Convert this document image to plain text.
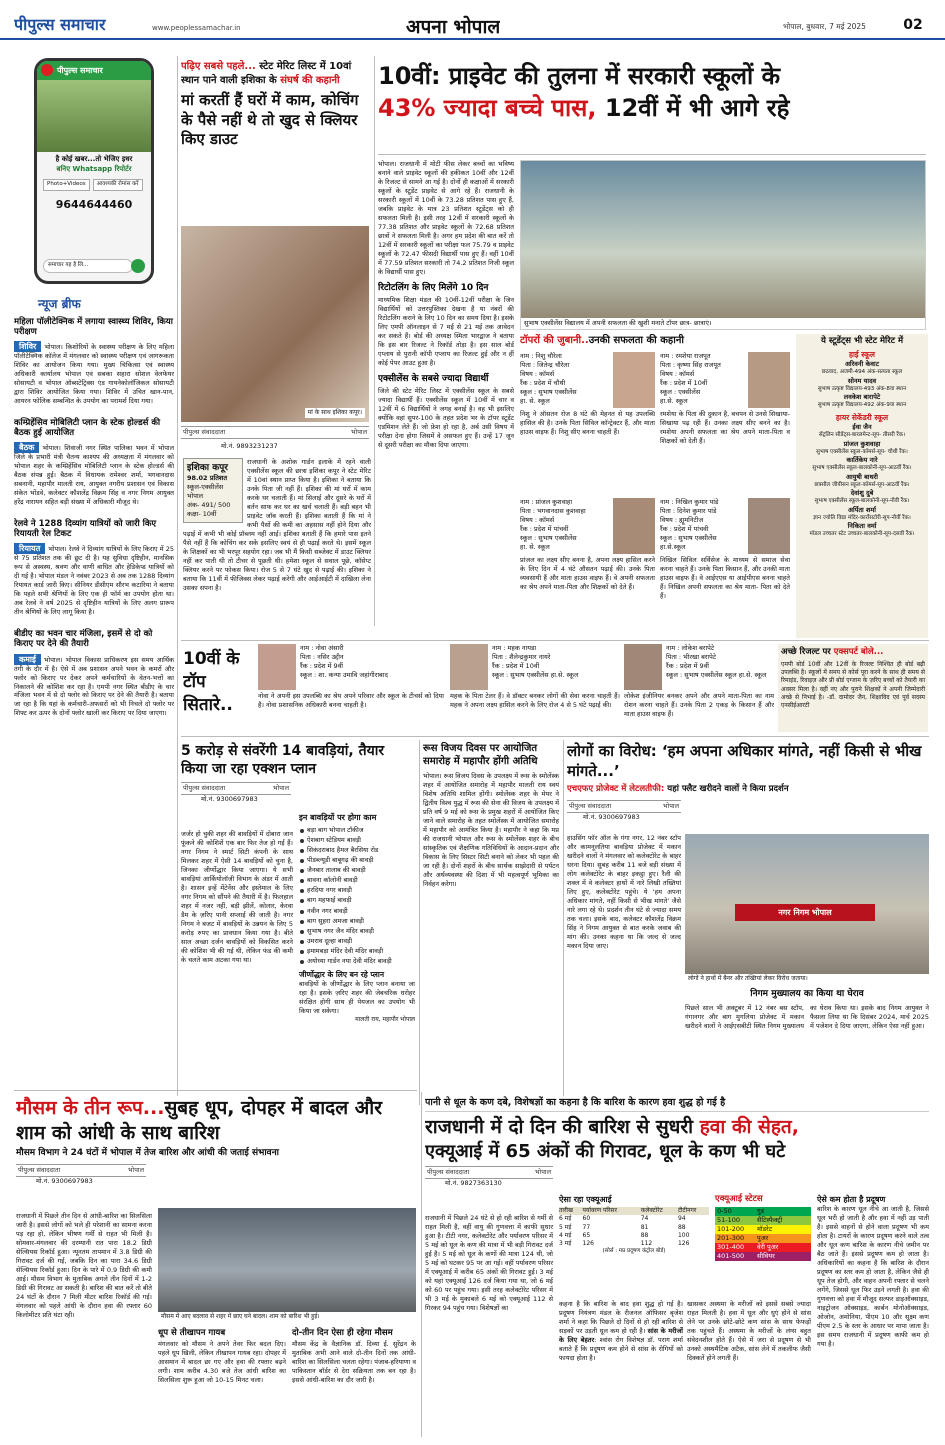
पीपुल्स समाचार	www.peoplessamachar.in	अपना भोपाल	भोपाल, बुधवार, 7 मई 2025	02
पीपुल्स समाचार
है कोई खबर...तो भेजिए इधर
बनिए Whatsapp रिपोर्टर
Photo+Videos	आवश्यकी रोमांस करें
9644644460
समाचार यह है लि...
न्यूज ब्रीफ
महिला पॉलीटेक्निक में लगाया स्वास्थ्य शिविर, किया परीक्षण
शिविर भोपाल। किशोरियों के स्वास्थ्य परीक्षण के लिए महिला पॉलीटेक्निक कॉलेज में मंगलवार को स्वास्थ्य परीक्षण एवं जागरूकता शिविर का आयोजन किया गया। मुख्य चिकित्सा एवं स्वास्थ्य अधिकारी कार्यालय भोपाल एवं सबका सहारा सोशल वेलफेयर सोसायटी व भोपाल ऑब्सटेट्रिक्स एंड गायनेकोलॉजिकल सोसायटी द्वारा शिविर आयोजित किया गया। शिविर में उचित खान-पान, आयरन फोलिक सम्बन्धित के उपयोग का परामर्श दिया गया।
कम्प्रिहेंसिव मोबिलिटी प्लान के स्टेक होल्डर्स की बैठक हुई आयोजित
बैठक भोपाल। शिवाजी नगर स्थित पालिका भवन में भोपाल जिले के प्रभारी मंत्री चैतन्य काश्यप की अध्यक्षता में मंगलवार को भोपाल शहर के कम्प्रिहेंसिव मोबिलिटी प्लान के स्टेक होल्डर्स की बैठक संपन्न हुई। बैठक में विधायक रामेश्वर शर्मा, भगवानदास सबनानी, महापौर मालती राय, आयुक्त नगरीय प्रशासन एवं विकास संकेत भोंडवे, कलेक्टर कौशलेंद्र विक्रम सिंह व नगर निगम आयुक्त हरेंद्र नारायन सहित बड़ी संख्या में अधिकारी मौजूद थे।
रेलवे ने 1288 दिव्यांग यात्रियों को जारी किए रियायती रेल टिकट
रियायत भोपाल। रेलवे ने दिव्यांग यात्रियों के लिए किराए में 25 से 75 प्रतिशत तक की छूट दी है। यह सुविधा दृष्टिहीन, मानसिक रूप से अस्वस्थ, श्रवण और वाणी बाधित और हेडिकेप्ड यात्रियों को दी गई है। भोपाल मंडल ने नवंबर 2023 से अब तक 1288 दिव्यांग रियायत कार्ड जारी किए। सीनियर डीसीएम सौरभ कटारिया ने बताया कि पहले सभी श्रेणियों के लिए एक ही फॉर्म का उपयोग होता था। अब रेलवे ने वर्ष 2025 से दृष्टिहीन यात्रियों के लिए अलग प्रारूप तीन श्रेणियों के लिए लागू किया है।
बीडीए का भवन चार मंजिला, इसमें से दो को किराए पर देने की तैयारी
कमाई भोपाल। भोपाल विकास प्राधिकरण इस समय आर्थिक तंगी के दौर में है। ऐसे में अब प्रशासन अपने भवन के कमरों और फ्लोर को किराए पर देकर अपने कर्मचारियों के वेतन-भत्तों का निकालने की कोशिश कर रहा है। एमपी नगर स्थित बीडीए के चार मंजिला भवन में से दो फ्लोर को किराए पर देने की तैयारी है। बताया जा रहा है कि यहां के कर्मचारी-अफसरों को भी निचले दो फ्लोर पर शिफ्ट कर ऊपर के दोनों फ्लोर खाली कर किराए पर दिया जाएगा।
पढ़िए सबसे पहले... स्टेट मेरिट लिस्ट में 10वां स्थान पाने वाली इशिका के संघर्ष की कहानी
मां करतीं हैं घरों में काम, कोचिंग के पैसे नहीं थे तो खुद से क्लियर किए डाउट
मां के साथ इशिका कपूर।
पीपुल्स संवाददाता	भोपाल
मो.नं. 9893231237
इशिका कपूर
98.02 प्रतिशत
स्कूल-एक्सीलेंस भोपाल
अंक- 491/ 500
कक्षा- 10वीं
राजधानी के अशोक गार्डन इलाके में रहने वाली एक्सीलेंस स्कूल की छात्रा इशिका कपूर ने स्टेट मेरिट में 10वां स्थान प्राप्त किया है। इशिका ने बताया कि उनके पिता जी नहीं हैं। इशिका की मां घरों में काम करके घर चलाती हैं। मां सिलाई और दूसरे के घरों में बर्तन साफ कर घर का खर्च चलाती हैं। बड़ी बहन भी प्राइवेट जॉब करती हैं। इशिका बताती हैं कि मां ने कभी पैसों की कमी का अहसास नहीं होने दिया और पढ़ाई में कभी भी कोई प्रॉब्लम नहीं आई। इशिका बताती हैं कि हमारे पास इतने पैसे नहीं हैं कि कोचिंग कर सके इसलिए स्वयं से ही पढ़ाई करते थे। इसमें स्कूल के शिक्षकों का भी भरपूर सहयोग रहा। जब भी मैं किसी सब्जेक्ट में डाउट क्लियर नहीं कर पाती थी तो टीचर से पूछती थी। हमेशा स्कूल से सवाल पूछे, कॉसेप्ट क्लियर करने पर फोकस किया। रोज 5 से 7 घंटे खुद से पढ़ाई की। इशिका ने बताया कि 11वीं में फीजिक्स लेकर पढ़ाई करेगी और आईआईटी में दाखिला लेना उसका सपना है।
10वीं: प्राइवेट की तुलना में सरकारी स्कूलों के
43% ज्यादा बच्चे पास, 12वीं में भी आगे रहे
भोपाल। राजधानी में मोटी फीस लेकर बच्चों का भविष्य बनाने वाले प्राइवेट स्कूलों की हकीकत 10वीं और 12वीं के रिजल्ट से सामने आ गई है। दोनों ही कक्षाओं में सरकारी स्कूलों के स्टूडेंट प्राइवेट से आगे रहे हैं। राजधानी के सरकारी स्कूलों में 10वीं के 73.28 प्रतिशत पास हुए हैं, जबकि प्राइवेट के मात्र 23 प्रतिशत स्टूडेंट्स को ही सफलता मिली है। इसी तरह 12वीं में सरकारी स्कूलों के 77.38 प्रतिशत और प्राइवेट स्कूलों के 72.68 प्रतिशत छात्रों ने सफलता मिली है। अगर हम प्रदेश की बात करें तो 12वीं में सरकारी स्कूलों का परीक्षा फल 75.79 व प्राइवेट स्कूलों के 72.47 फीसदी विद्यार्थी पास हुए हैं। वहीं 10वीं में 77.59 प्रतिशत सरकारी तो 74.2 प्रतिशत निजी स्कूल के विद्यार्थी पास हुए।
रिटोटलिंग के लिए मिलेंगे 10 दिन
माध्यमिक शिक्षा मंडल की 10वीं-12वीं परीक्षा के जिन विद्यार्थियों को उत्तरपुस्तिका देखना है या नंबरों की रिटोटलिंग कराने के लिए 10 दिन का समय दिया है। इसके लिए एमपी ऑनलाइन से 7 मई से 21 मई तक आवेदन कर सकते हैं। बोर्ड की अध्यक्ष स्मिता भारद्वाज ने बताया कि इस बार रिजल्ट ने रिकॉर्ड तोड़ा है। इस साल बोर्ड एप्लाय से पुरानी कॉपी एप्लाय का रिजल्ट हुई और न हीं कोई पेपर आउट हुआ है।
एक्सीलेंस के सबसे ज्यादा विद्यार्थी
जिले की स्टेट मेरिट लिस्ट में एक्सीलेंस स्कूल के सबसे ज्यादा विद्यार्थी हैं। एक्सीलेंस स्कूल में 10वीं में चार व 12वीं में 6 विद्यार्थियों ने जगह बनाई है। वह भी इसलिए क्योंकि वहां सुपर-100 के तहत प्रदेश भर के टॉपर स्टूडेंट एडमिशन लेते हैं। जो फ्रेश हो रहा है, अर्ब उसी विषय में परीक्षा देना होगा जिसमें वे असफल हुए हैं। उन्हें 17 जून से दूसरी परीक्षा का मौका दिया जाएगा।
सुभाष एक्सीलेंस विद्यालय में अपनी सफलता की खुशी मनाते टॉपर छात्र- छात्राएं।
टॉपरों की जुबानी..उनकी सफलता की कहानी
नाम : निशु चौरेला
पिता : जितेन्द्र चौरेला
विषय : कॉमर्स
रैंक : प्रदेश में चौथी
स्कूल : सुभाष एक्सीलेंस
हा. से. स्कूल
निशु ने ऑसतन रोज 8 घंटे की मेहनत से यह उपलब्धि हासिल की है। उनके पिता सिविल कॉन्ट्रेक्टर हैं, और माता हाउस वाइफ हैं। निशु सीए बनना चाहती हैं।
नाम : रमशेया राजपूत
पिता : कृष्णा सिंह राजपूत
विषय : कॉमर्स
रैंक : प्रदेश में 10वीं
स्कूल : एक्सीलेंस
हा.से. स्कूल
रमशेया के पिता की दुकान है, बचपन से उनसे सिखाया-सिखाया पढ़ रही हैं। उनका लक्ष्य सीए बनने का है। रमशेया अपनी सफलता का श्रेय अपने माता-पिता व शिक्षकों को देती हैं।
नाम : प्रांजल कुशवाहा
पिता : भगवानदास कुशवाहा
विषय : कॉमर्स
रैंक : प्रदेश में पांचवीं
स्कूल : सुभाष एक्सीलेंस
हा. से. स्कूल
प्रांजल का लक्ष्य सीए बनना है, अपना लक्ष्य हासिल करने के लिए दिन में 4 घंटे औसतन पढ़ाई की। उनके पिता व्यवसायी हैं और माता हाउस वाइफ हैं। वे अपनी सफलता का श्रेय अपने माता-पिता और शिक्षकों को देते हैं।
नाम : निखिल कुमार पांडे
पिता : दिनेश कुमार पांडे
विषय : ह्यूमनिटीज
रैंक : प्रदेश में पांचवी
स्कूल : सुभाष एक्सीलेंस
हा.से.स्कूल
निखिल सिविल सर्विसेज के माध्यम से समाज सेवा करना चाहते हैं। उनके पिता किसान हैं, और उनकी माता हाउस वाइफ हैं। वे आईएएस या आईपीएस बनना चाहते हैं। निखिल अपनी सफलता का श्रेय माता- पिता को देते हैं।
ये स्टूडेंट्स भी स्टेट मेरिट में
हाई स्कूल
अरिवनी केवाट
छठवाद, अजमी-494 अंक-सत्यता स्कूल
सोनम यादव
सुभाष उत्कृष्ट विद्यालय-493 अंक-8वा स्थान
लवकेश बारापेटे
सुभाष उत्कृष्ट विद्यालय-492 अंक-9वा स्थान
हायर सेकेंडरी स्कूल
ईवा जैन
सेंट्रलिन सीडेंट्स-बारलमेन्ट-सूप- तीसरी रैंक।
प्रांजल कुशवाहा
सुभाष एक्सीलेंस स्कूल-कॉमर्स-सूप- चौथी रैंक।
कार्तिकेय नारे
सुभाष एक्सीलेंस स्कूल-बालकोनी-सूप-आठवीं रैंक।
आयुषी बाथरी
छत्रसौल जीयीसन स्कूल-कॉमर्स-सूप-आठवीं रैंक।
देवांशु दुबे
सुभाष एक्सीलेंस स्कूल-बालकोनी-सूप-नौवी रैंक।
अर्पिता शर्मा
ज्ञान ज्योति विद्या मंदिर-कार्रोसटोरी-सूप-नौवीं रैंक।
निकिता वर्मा
मॉडल उच्चतर स्टेट उच्चतर-बालकोनी-सूप-दसवी रैंक।
10वीं के टॉप सितारे..
नाम : नोवा अंसारी
पिता : नसिर उद्दीन
रैंक : प्रदेश में 9वीं
स्कूल : शा. कन्या उमावि जहांगीराबाद
नोवा ने अपनी इस उपलब्धि का श्रेय अपने परिवार और स्कूल के टीचर्स को दिया है। नोवा प्रशासनिक अधिकारी बनना चाहती है।
नाम : महक नायडा
पिता : शैलेन्द्रकुमार नायरे
रैंक : प्रदेश में 10वीं
स्कूल : सुभाष एक्सीलेंस हा.से. स्कूल
महक के पिता टेलर हैं। वे डॉक्टर बनकर लोगों की सेवा करना चाहती हैं। महक ने अपना लक्ष्य हासिल करने के लिए रोज 4 से 5 घंटे पढ़ाई की।
नाम : लोकेश बरापेटे
पिता : भीरखा बरापेटे
रैंक : प्रदेश में 9वीं
स्कूल : सुभाष एक्सीलेंस स्कूल हा.से. स्कूल
लोकेश इंजीनियर बनकर अपने और अपने माता-पिता का नाम रोशन करना चाहते हैं। उनके पिता 2 एकड़ के किसान हैं और माता हाउस वाइफ हैं।
अच्छे रिजल्ट पर एक्सपर्ट बोले...
एमपी बोर्ड 10वीं और 12वीं के रिजल्ट निश्चित ही बोर्ड बढ़ी उपलब्धि है। स्कूलों में समय से कोर्स पूरा करने के साथ ही समय से रिमाइंड, रिवाइज़ और प्री बोर्ड एग्जाम के ज़रिए बच्चों को तैयारी का अवसर मिला है। वहीं नए और पुराने शिक्षकों ने अपनी जिम्मेदारी अच्छे से निभाई है। -डॉ. दामोदर जैन, शिक्षाविद एवं पूर्व सदस्य एनसीईआरटी
5 करोड़ से संवरेंगी 14 बावड़ियां, तैयार किया जा रहा एक्शन प्लान
पीपुल्स संवाददाता	भोपाल
मो.नं. 9300697983
जर्जर हो चुकी शहर की बावड़ियों में दोबारा जान फूंकने की कोशिशें एक बार फिर तेज हो गई हैं। नगर निगम ने स्मार्ट सिटी कंपनी के साथ मिलकर शहर में ऐसी 14 बावड़ियों को चुना है, जिनका जीर्णोद्धार किया जाएगा। ये सभी बावड़ियां आर्कियोलॉजी विभाग के अंडर में आती है। शासन इन्हें मेंटेनेंस और इस्तेमाल के लिए नगर निगम को सौंपने की तैयारी में है। फिलहाल शहर में नजर नहीं, बड़ी झीलें, कोलार, केरवा डैम के ज़रिए पानी सप्लाई की जाती है। नगर निगम ने बजट में बावड़ियों के उन्नयन के लिए 5 करोड़ रुपए का प्रावधान किया गया है। बीते साल अच्छा दर्जन बावड़ियों को विकसित करने की कोशिश भी की गई थी, लेकिन फंड की कमी के चलते काम अटका गया था।
इन बावड़ियों पर होगा काम
बड़ा बाग भोपाल टॉकीज
ऐशबाग स्टेडियम बावड़ी
सिकंदराबाद हैमल बैरसिया रोड
पीडब्ल्यूडी बाबूगढ़ की बावड़ी
जैनबार तालाब की बावड़ी
बावना कॉलोनी बावड़ी
हरदिया नगर बावड़ी
बाग महफाई बावड़ी
नवीन नगर बावड़ी
बाग सुहरा अमजा बावड़ी
सुभाष नगर जैन मंदिर बावड़ी
उमराव दूल्हा बावड़ी
इमामबड़ा मंदिर देवी मंदिर बावड़ी
अयोध्या गार्डन नया देवी मंदिर बावड़ी
जीर्णोद्धार के लिए बन रहे प्लान
बावड़ियों के जीर्णोद्धार के लिए प्लान बनाया जा रहा है। इसके ज़रिए शहर की जेबचरिक धरोहर संरक्षित होगी साथ ही पेयजल का उपयोग भी किया जा सकेगा।
मालती राय, महापौर भोपाल
रूस विजय दिवस पर आयोजित समारोह में महापौर होंगी अतिथि
भोपाल। रूस विजय दिवस के उपलक्ष्य में रूस के स्मोलेंस्क शहर में आयोजित समारोह में महापौर मालती राय स्वयं विशेष अतिथि शामिल होंगी। स्मोलेंस्क शहर के मेयर ने द्वितीय विश्व युद्ध में रूस की सेना की विजय के उपलक्ष्य में प्रति वर्ष 9 मई को रूस के प्रमुख शहरों में आयोजित किए जाने वाले समारोह के तहत स्मोलेंस्क में आयोजित समारोह में महापौर को आमंत्रित किया है। महापौर ने कहा कि मप्र की राजधानी भोपाल और रूस के स्मोलेंस्क शहर के बीच सांस्कृतिक एवं शैक्षणिक गतिविधियों के आदान-प्रदान और विकास के लिए सिस्टर सिटी बनाने को लेकर भी पहल की जा रही है। दोनों शहरों के बीच सार्थक साझेदारी से पर्यटन और अर्थव्यवस्था की दिशा में भी महत्वपूर्ण भूमिका का निर्वहन करेगा।
लोगों का विरोध: ‘हम अपना अधिकार मांगते, नहीं किसी से भीख मांगते...’
एचएफए प्रोजेक्ट में लेटलतीफी: यहां फ्लैट खरीदने वालों ने किया प्रदर्शन
पीपुल्स संवाददाता	भोपाल
मो.नं. 9300697983
हाउसिंग फॉर ऑल के गंगा नगर, 12 नंबर स्टॉप और कामनूलतिया बावड़िया प्रोजेक्ट में मकान खरीदने वालों ने मंगलवार को कलेक्टोरेट के बाहर धरना दिया। सुबह करीब 11 बजे बड़ी संख्या में लोग कलेक्टोरेट के बाहर इकट्ठा हुए। रैली की शक्ल में वे कलेक्टर हाथों में नारे लिखी तख्तियां लिए हुए, कलेक्टोरेट पहुंचे। ये ‘हम अपना अधिकार मांगते, नहीं किसी से भीख मांगते’ जैसे नारे लगा रहे थे। प्रदर्शन तीन घंटे से ज्यादा समय तक चला। इसके बाद, कलेक्टर कौशलेंद्र विक्रम सिंह ने निगम आयुक्त से बात करके जवाब की मांग की। उनका कहना था कि जल्द से जल्द मकान दिया जाए।
नगर निगम भोपाल
लोगों ने हाथों में बैनर और तख्तियां लेकर विरोध जताया।
निगम मुख्यालय का किया था घेराव
पिछले साल भी अक्टूबर में 12 नंबर बस स्टॉप, गंगानगर और बाग मुगलिया प्रोजेक्ट में मकान खरीदने वालों ने आईएसबीटी स्थित निगम मुख्यालय का घेराव किया था। इसके बाद निगम आयुक्त ने फैसला लिया था कि दिसंबर 2024, मार्च 2025 में पजेशन दे दिया जाएगा, लेकिन ऐसा नहीं हुआ।
मौसम के तीन रूप...सुबह धूप, दोपहर में बादल और शाम को आंधी के साथ बारिश
मौसम विभाग ने 24 घंटों में भोपाल में तेज बारिश और आंधी की जताई संभावना
पीपुल्स संवाददाता	भोपाल
मो.नं. 9300697983
राजधानी में पिछले तीन दिन से आंधी-बारिश का सिलसिला जारी है। इससे लोगों को भले ही परेशानी का सामना करना पड़ रहा हो, लेकिन भीषण गर्मी से राहत भी मिली है। सोमवार-मंगलवार की दरम्यानी रात पारा 18.2 डिग्री सेल्सियस रिकॉर्ड हुआ। न्यूनतम तापमान में 3.8 डिग्री की गिरावट दर्ज की गई, जबकि दिन का पारा 34.6 डिग्री सेल्सियस रिकॉर्ड हुआ। दिन के पारे में 0.9 डिग्री की कमी आई। मौसम विभाग के मुताबिक अगले तीन दिनों में 1-2 डिग्री की गिरावट आ सकती है। बारिश की बात करें तो बीते 24 घंटों के दौरान 7 मिली मीटर बारिश रिकॉर्ड की गई। मंगलवार को पहले आंधी के दौरान हवा की रफ्तार 60 किलोमीटर प्रति घंटा रही।	मौसम में आए बदलाव से शहर में छाए घने बादल। शाम को बारिश भी हुई।
धूप से तीखापन गायब
मंगलवार को मौसम ने अपने तेवर फिर बदल दिए। पहले धूप खिली, लेकिन तीखापन गायब रहा। दोपहर में आसमान में बादल छा गए और हवा की रफ्तार बढ़ने लगी। शाम करीब 4.30 बजे तेज आंधी बारिश का सिलसिला शुरू हुआ जो 10-15 मिनट चला।
दो-तीन दिन ऐसा ही रहेगा मौसम
मौसम केंद्र के वैज्ञानिक डॉ. दिव्या ई. सुरेंद्रन के मुताबिक अभी आने वाले दो-तीन दिनों तक आंधी-बारिश का सिलसिला चलता रहेगा। पंजाब-हरियाणा व पाकिस्तान बॉर्डर से देरा सक्रियता तक बन रहा है। इससे आंधी-बारिश का दौर जारी है।
पानी से धूल के कण दबे, विशेषज्ञों का कहना है कि बारिश के कारण हवा शुद्ध हो गई है
राजधानी में दो दिन की बारिश से सुधरी हवा की सेहत,
एक्यूआई में 65 अंकों की गिरावट, धूल के कण भी घटे
पीपुल्स संवाददाता	भोपाल
मो.नं. 9827363130
राजधानी में पिछले 24 घंटे से हो रही बारिश से गर्मी से राहत मिली है, वहीं वायु की गुणवत्ता में काफी सुधार हुआ है। टीटी नगर, कलेक्टोरेट और पर्यावरण परिसर में 5 मई को धूल के कण की मात्रा में भी बड़ी गिरावट दर्ज हुई है। 5 मई को धूल के कणों की मात्रा 124 थी, जो 5 मई को घटकर 95 पर आ गई। वहीं पर्यावरण परिसर में एक्यूआई में करीब 65 अंकों की गिरावट हुई। 3 मई को यहां एक्यूआई 126 दर्ज किया गया था, जो 6 मई को 60 पर पहुंच गया। इसी तरह कलेक्टोरेट परिसर में भी 3 मई के मुकाबले 6 मई को एक्यूआई 112 से गिरकर 94 पहुंच गया। विशेषज्ञों का
ऐसा रहा एक्यूआई
तारीख	पर्यावरण परिसर	कलेक्टोरेट	टीटीनगर
6 मई	60	74	94
5 मई	77	81	88
4 मई	65	88	100
3 मई	126	112	126
(सोर्स : मप्र प्रदूषण कंट्रोल बोर्ड)
एक्यूआई स्टेटस
0-50	गुड
51-100	सैटिस्फैक्ट्री
101-200	मॉडरेट
201-300	पुअर
301-400	वेरी पुअर
401-500	सीवियर
कहना है कि बारिश के बाद हवा शुद्ध हो गई है। प्रदूषण नियंत्रण मंडल के रीजनल ऑफिसर बृजेश शर्मा ने कहा कि पिछले दो दिनों से हो रही बारिश से सड़कों पर उड़ती धूल कम हो रही है। सांस के मरीजों के लिए बेहतर: श्वांस रोग विशेषज्ञ डॉ. पराग शर्मा बताते हैं कि प्रदूषण कम होने से सांस के रोगियों को फायदा होता है।
खासकर अस्थमा के मरीजों को इससे सबसे ज्यादा राहत मिलती है। हवा में धूल और धुएं होने से सांस लेने पर उनके छोटे-छोटे कण सांस के साथ फेफड़ों तक पहुंचते हैं। अस्थमा के मरीजों के लंग्स बहुत संवेदनशील होते हैं। ऐसे में जरा से प्रदूषण से भी उनको अस्थमैटिक अटैक, सांस लेने में तकलीफ जैसी दिक्कतें होने लगती हैं।
ऐसे कम होता है प्रदूषण
बारिश के कारण धूल नीचे आ जाती है, जिससे धूल भरी हो जाती है और हवा में नहीं उड़ पाती है। इससे वाहनों से होने वाला प्रदूषण भी कम होता है। टायरों के कारण प्रदूषण करने वाले तत्व और धूल कण बारिश के कारण नीचे जमीन पर बैठ जाते हैं। इससे प्रदूषण कम हो जाता है। अधिकारियों का कहना है कि बारिश के दौरान प्रदूषण का स्तर कम हो जाता है, लेकिन जैसे ही धूप तेज होगी, और वाहन अपनी रफ्तार से चलने लगेंगे, जिससे धूल फिर उड़ने लगती है। हवा की गुणवत्ता को हवा में मौजूद सल्फर डाइऑक्साइड, नाइट्रोजन ऑक्साइड, कार्बन मोनोऑक्साइड, ओजोन, अमोनिया, पीएम 10 और सूक्ष्म कण पीएम 2.5 के स्तर के आधार पर मापा जाता है। इस समय राजधानी में प्रदूषण काफी कम हो गया है।
